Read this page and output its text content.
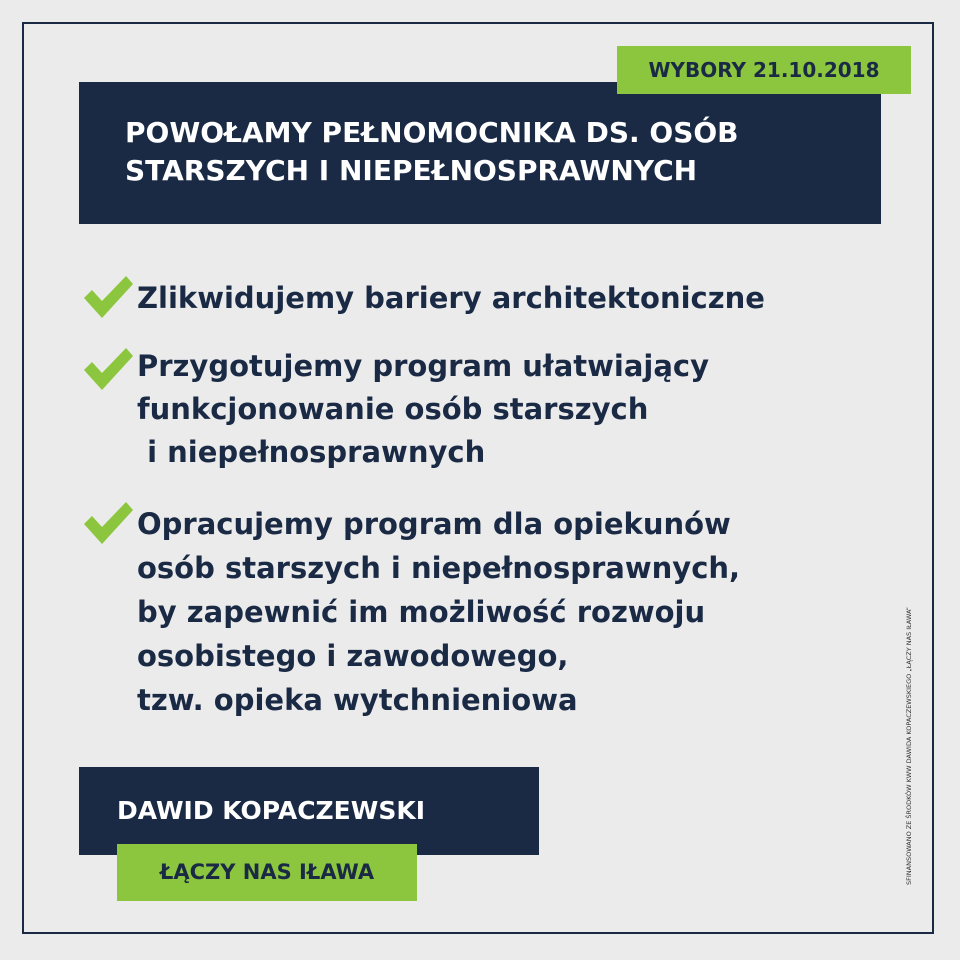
WYBORY 21.10.2018
POWOŁAMY PEŁNOMOCNIKA DS. OSÓB
STARSZYCH I NIEPEŁNOSPRAWNYCH
Zlikwidujemy bariery architektoniczne
Przygotujemy program ułatwiający
funkcjonowanie osób starszych
i niepełnosprawnych
Opracujemy program dla opiekunów
osób starszych i niepełnosprawnych,
by zapewnić im możliwość rozwoju
osobistego i zawodowego,
tzw. opieka wytchnieniowa

DAWID KOPACZEWSKI

ŁĄCZY NAS IŁAWA	SFINANSOWANO ZE ŚRODKÓW KWW DAWIDA KOPACZEWSKIEGO „ŁĄCZY NAS IŁAWA”
